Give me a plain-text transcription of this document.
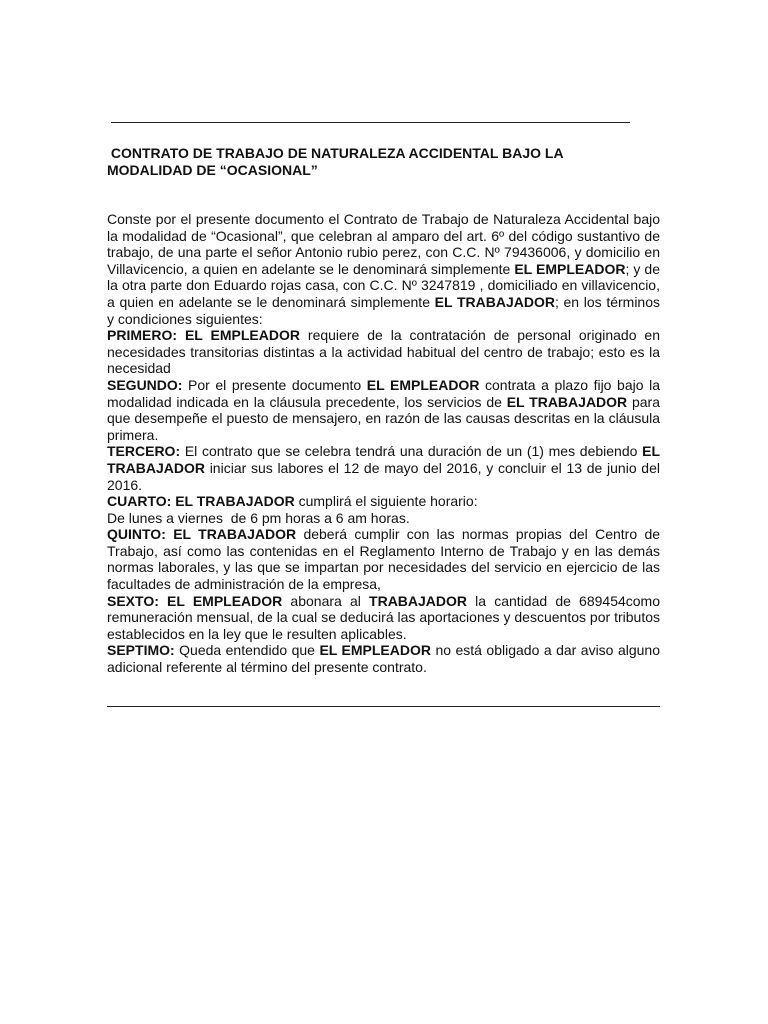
CONTRATO DE TRABAJO DE NATURALEZA ACCIDENTAL BAJO LA
MODALIDAD DE “OCASIONAL”

Conste por el presente documento el Contrato de Trabajo de Naturaleza Accidental bajo la modalidad de “Ocasional”, que celebran al amparo del art. 6º del código sustantivo de trabajo, de una parte el señor Antonio rubio perez, con C.C. Nº 79436006, y domicilio en Villavicencio, a quien en adelante se le denominará simplemente EL EMPLEADOR; y de la otra parte don Eduardo rojas casa, con C.C. Nº 3247819 , domiciliado en villavicencio, a quien en adelante se le denominará simplemente EL TRABAJADOR; en los términos y condiciones siguientes:

PRIMERO: EL EMPLEADOR requiere de la contratación de personal originado en necesidades transitorias distintas a la actividad habitual del centro de trabajo; esto es la necesidad

SEGUNDO: Por el presente documento EL EMPLEADOR contrata a plazo fijo bajo la modalidad indicada en la cláusula precedente, los servicios de EL TRABAJADOR para que desempeñe el puesto de mensajero, en razón de las causas descritas en la cláusula primera.

TERCERO: El contrato que se celebra tendrá una duración de un (1) mes debiendo EL TRABAJADOR iniciar sus labores el 12 de mayo del 2016, y concluir el 13 de junio del 2016.

CUARTO: EL TRABAJADOR cumplirá el siguiente horario:

De lunes a viernes  de 6 pm horas a 6 am horas.

QUINTO: EL TRABAJADOR deberá cumplir con las normas propias del Centro de Trabajo, así como las contenidas en el Reglamento Interno de Trabajo y en las demás normas laborales, y las que se impartan por necesidades del servicio en ejercicio de las facultades de administración de la empresa,

SEXTO: EL EMPLEADOR abonara al TRABAJADOR la cantidad de 689454como remuneración mensual, de la cual se deducirá las aportaciones y descuentos por tributos establecidos en la ley que le resulten aplicables.

SEPTIMO: Queda entendido que EL EMPLEADOR no está obligado a dar aviso alguno adicional referente al término del presente contrato.
